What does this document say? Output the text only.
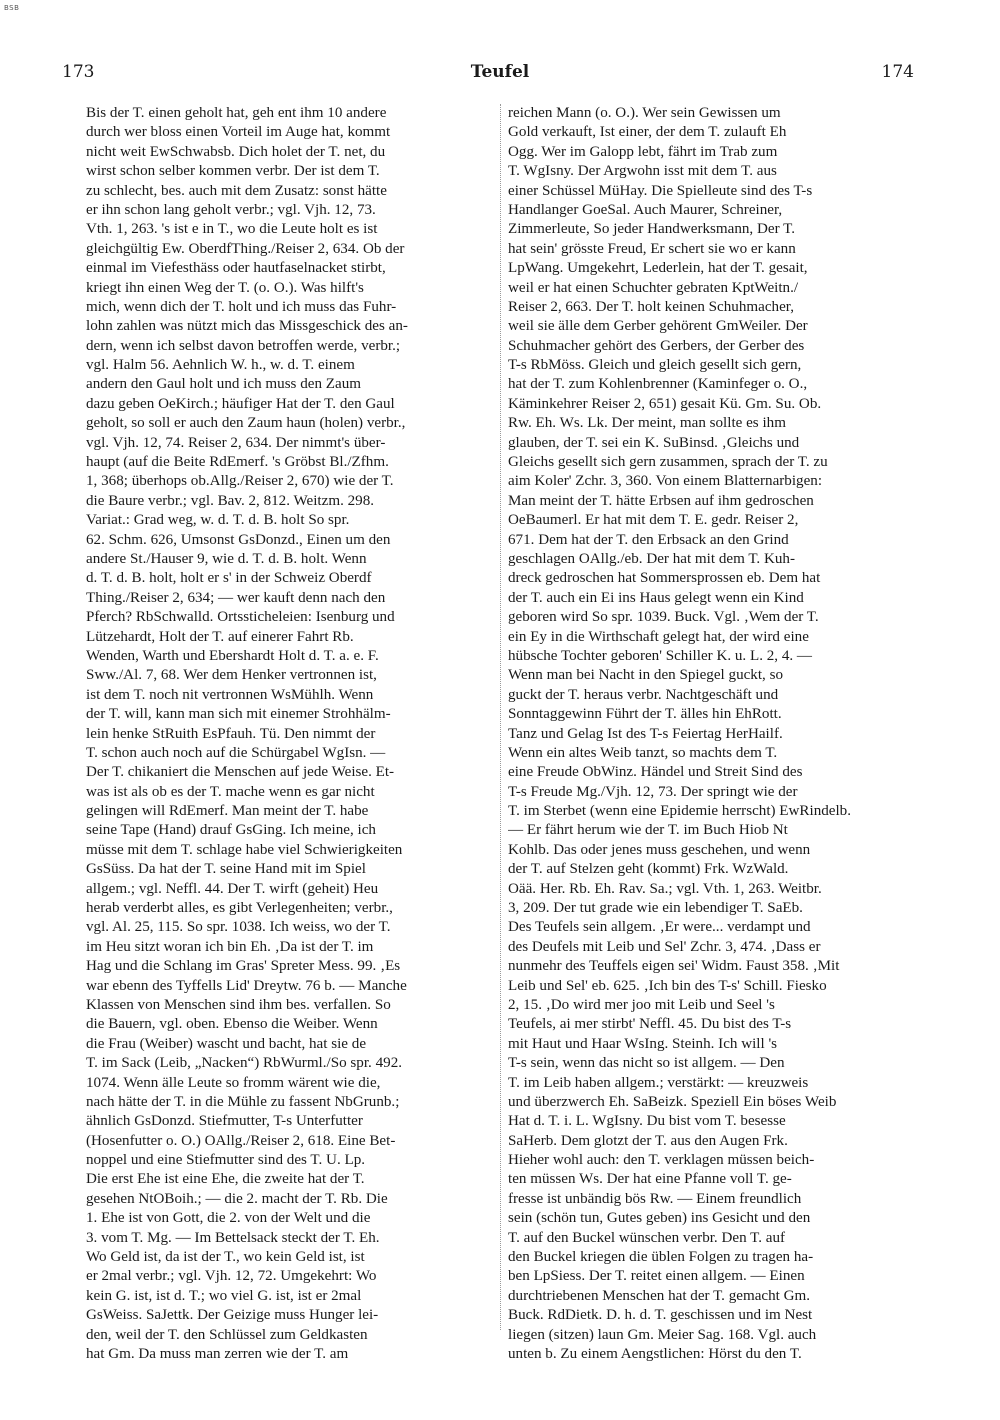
BSB
173	Teufel	174
Bis der T. einen geholt hat, geh ent ihm 10 andere
durch wer bloss einen Vorteil im Auge hat, kommt
nicht weit EwSchwabsb. Dich holet der T. net, du
wirst schon selber kommen verbr. Der ist dem T.
zu schlecht, bes. auch mit dem Zusatz: sonst hätte
er ihn schon lang geholt verbr.; vgl. Vjh. 12, 73.
Vth. 1, 263. 's ist e in T., wo die Leute holt es ist
gleichgültig Ew. OberdfThing./Reiser 2, 634. Ob der
einmal im Viefesthäss oder hautfaselnacket stirbt,
kriegt ihn einen Weg der T. (o. O.). Was hilft's
mich, wenn dich der T. holt und ich muss das Fuhr-
lohn zahlen was nützt mich das Missgeschick des an-
dern, wenn ich selbst davon betroffen werde, verbr.;
vgl. Halm 56. Aehnlich W. h., w. d. T. einem
andern den Gaul holt und ich muss den Zaum
dazu geben OeKirch.; häufiger Hat der T. den Gaul
geholt, so soll er auch den Zaum haun (holen) verbr.,
vgl. Vjh. 12, 74. Reiser 2, 634. Der nimmt's über-
haupt (auf die Beite RdEmerf. 's Gröbst Bl./Zfhm.
1, 368; überhops ob.Allg./Reiser 2, 670) wie der T.
die Baure verbr.; vgl. Bav. 2, 812. Weitzm. 298.
Variat.: Grad weg, w. d. T. d. B. holt So spr.
62. Schm. 626, Umsonst GsDonzd., Einen um den
andere St./Hauser 9, wie d. T. d. B. holt. Wenn
d. T. d. B. holt, holt er s' in der Schweiz Oberdf
Thing./Reiser 2, 634; — wer kauft denn nach den
Pferch? RbSchwalld. Ortssticheleien: Isenburg und
Lützehardt, Holt der T. auf einerer Fahrt Rb.
Wenden, Warth und Ebershardt Holt d. T. a. e. F.
Sww./Al. 7, 68. Wer dem Henker vertronnen ist,
ist dem T. noch nit vertronnen WsMühlh. Wenn
der T. will, kann man sich mit einemer Strohhälm-
lein henke StRuith EsPfauh. Tü. Den nimmt der
T. schon auch noch auf die Schürgabel WgIsn. —
Der T. chikaniert die Menschen auf jede Weise. Et-
was ist als ob es der T. mache wenn es gar nicht
gelingen will RdEmerf. Man meint der T. habe
seine Tape (Hand) drauf GsGing. Ich meine, ich
müsse mit dem T. schlage habe viel Schwierigkeiten
GsSüss. Da hat der T. seine Hand mit im Spiel
allgem.; vgl. Neffl. 44. Der T. wirft (geheit) Heu
herab verderbt alles, es gibt Verlegenheiten; verbr.,
vgl. Al. 25, 115. So spr. 1038. Ich weiss, wo der T.
im Heu sitzt woran ich bin Eh. ‚Da ist der T. im
Hag und die Schlang im Gras' Spreter Mess. 99. ‚Es
war ebenn des Tyffells Lid' Dreytw. 76 b. — Manche
Klassen von Menschen sind ihm bes. verfallen. So
die Bauern, vgl. oben. Ebenso die Weiber. Wenn
die Frau (Weiber) wascht und bacht, hat sie de
T. im Sack (Leib, „Nacken“) RbWurml./So spr. 492.
1074. Wenn älle Leute so fromm wärent wie die,
nach hätte der T. in die Mühle zu fassent NbGrunb.;
ähnlich GsDonzd. Stiefmutter, T-s Unterfutter
(Hosenfutter o. O.) OAllg./Reiser 2, 618. Eine Bet-
noppel und eine Stiefmutter sind des T. U. Lp.
Die erst Ehe ist eine Ehe, die zweite hat der T.
gesehen NtOBoih.; — die 2. macht der T. Rb. Die
1. Ehe ist von Gott, die 2. von der Welt und die
3. vom T. Mg. — Im Bettelsack steckt der T. Eh.
Wo Geld ist, da ist der T., wo kein Geld ist, ist
er 2mal verbr.; vgl. Vjh. 12, 72. Umgekehrt: Wo
kein G. ist, ist d. T.; wo viel G. ist, ist er 2mal
GsWeiss. SaJettk. Der Geizige muss Hunger lei-
den, weil der T. den Schlüssel zum Geldkasten
hat Gm. Da muss man zerren wie der T. am
reichen Mann (o. O.). Wer sein Gewissen um
Gold verkauft, Ist einer, der dem T. zulauft Eh
Ogg. Wer im Galopp lebt, fährt im Trab zum
T. WgIsny. Der Argwohn isst mit dem T. aus
einer Schüssel MüHay. Die Spielleute sind des T-s
Handlanger GoeSal. Auch Maurer, Schreiner,
Zimmerleute, So jeder Handwerksmann, Der T.
hat sein' grösste Freud, Er schert sie wo er kann
LpWang. Umgekehrt, Lederlein, hat der T. gesait,
weil er hat einen Schuchter gebraten KptWeitn./
Reiser 2, 663. Der T. holt keinen Schuhmacher,
weil sie älle dem Gerber gehörent GmWeiler. Der
Schuhmacher gehört des Gerbers, der Gerber des
T-s RbMöss. Gleich und gleich gesellt sich gern,
hat der T. zum Kohlenbrenner (Kaminfeger o. O.,
Käminkehrer Reiser 2, 651) gesait Kü. Gm. Su. Ob.
Rw. Eh. Ws. Lk. Der meint, man sollte es ihm
glauben, der T. sei ein K. SuBinsd. ‚Gleichs und
Gleichs gesellt sich gern zusammen, sprach der T. zu
aim Koler' Zchr. 3, 360. Von einem Blatternarbigen:
Man meint der T. hätte Erbsen auf ihm gedroschen
OeBaumerl. Er hat mit dem T. E. gedr. Reiser 2,
671. Dem hat der T. den Erbsack an den Grind
geschlagen OAllg./eb. Der hat mit dem T. Kuh-
dreck gedroschen hat Sommersprossen eb. Dem hat
der T. auch ein Ei ins Haus gelegt wenn ein Kind
geboren wird So spr. 1039. Buck. Vgl. ‚Wem der T.
ein Ey in die Wirthschaft gelegt hat, der wird eine
hübsche Tochter geboren' Schiller K. u. L. 2, 4. —
Wenn man bei Nacht in den Spiegel guckt, so
guckt der T. heraus verbr. Nachtgeschäft und
Sonntaggewinn Führt der T. älles hin EhRott.
Tanz und Gelag Ist des T-s Feiertag HerHailf.
Wenn ein altes Weib tanzt, so machts dem T.
eine Freude ObWinz. Händel und Streit Sind des
T-s Freude Mg./Vjh. 12, 73. Der springt wie der
T. im Sterbet (wenn eine Epidemie herrscht) EwRindelb.
— Er fährt herum wie der T. im Buch Hiob Nt
Kohlb. Das oder jenes muss geschehen, und wenn
der T. auf Stelzen geht (kommt) Frk. WzWald.
Oää. Her. Rb. Eh. Rav. Sa.; vgl. Vth. 1, 263. Weitbr.
3, 209. Der tut grade wie ein lebendiger T. SaEb.
Des Teufels sein allgem. ‚Er were... verdampt und
des Deufels mit Leib und Sel' Zchr. 3, 474. ‚Dass er
nunmehr des Teuffels eigen sei' Widm. Faust 358. ‚Mit
Leib und Sel' eb. 625. ‚Ich bin des T-s' Schill. Fiesko
2, 15. ‚Do wird mer joo mit Leib und Seel 's
Teufels, ai mer stirbt' Neffl. 45. Du bist des T-s
mit Haut und Haar WsIng. Steinh. Ich will 's
T-s sein, wenn das nicht so ist allgem. — Den
T. im Leib haben allgem.; verstärkt: — kreuzweis
und überzwerch Eh. SaBeizk. Speziell Ein böses Weib
Hat d. T. i. L. WgIsny. Du bist vom T. besesse
SaHerb. Dem glotzt der T. aus den Augen Frk.
Hieher wohl auch: den T. verklagen müssen beich-
ten müssen Ws. Der hat eine Pfanne voll T. ge-
fresse ist unbändig bös Rw. — Einem freundlich
sein (schön tun, Gutes geben) ins Gesicht und den
T. auf den Buckel wünschen verbr. Den T. auf
den Buckel kriegen die üblen Folgen zu tragen ha-
ben LpSiess. Der T. reitet einen allgem. — Einen
durchtriebenen Menschen hat der T. gemacht Gm.
Buck. RdDietk. D. h. d. T. geschissen und im Nest
liegen (sitzen) laun Gm. Meier Sag. 168. Vgl. auch
unten b. Zu einem Aengstlichen: Hörst du den T.
